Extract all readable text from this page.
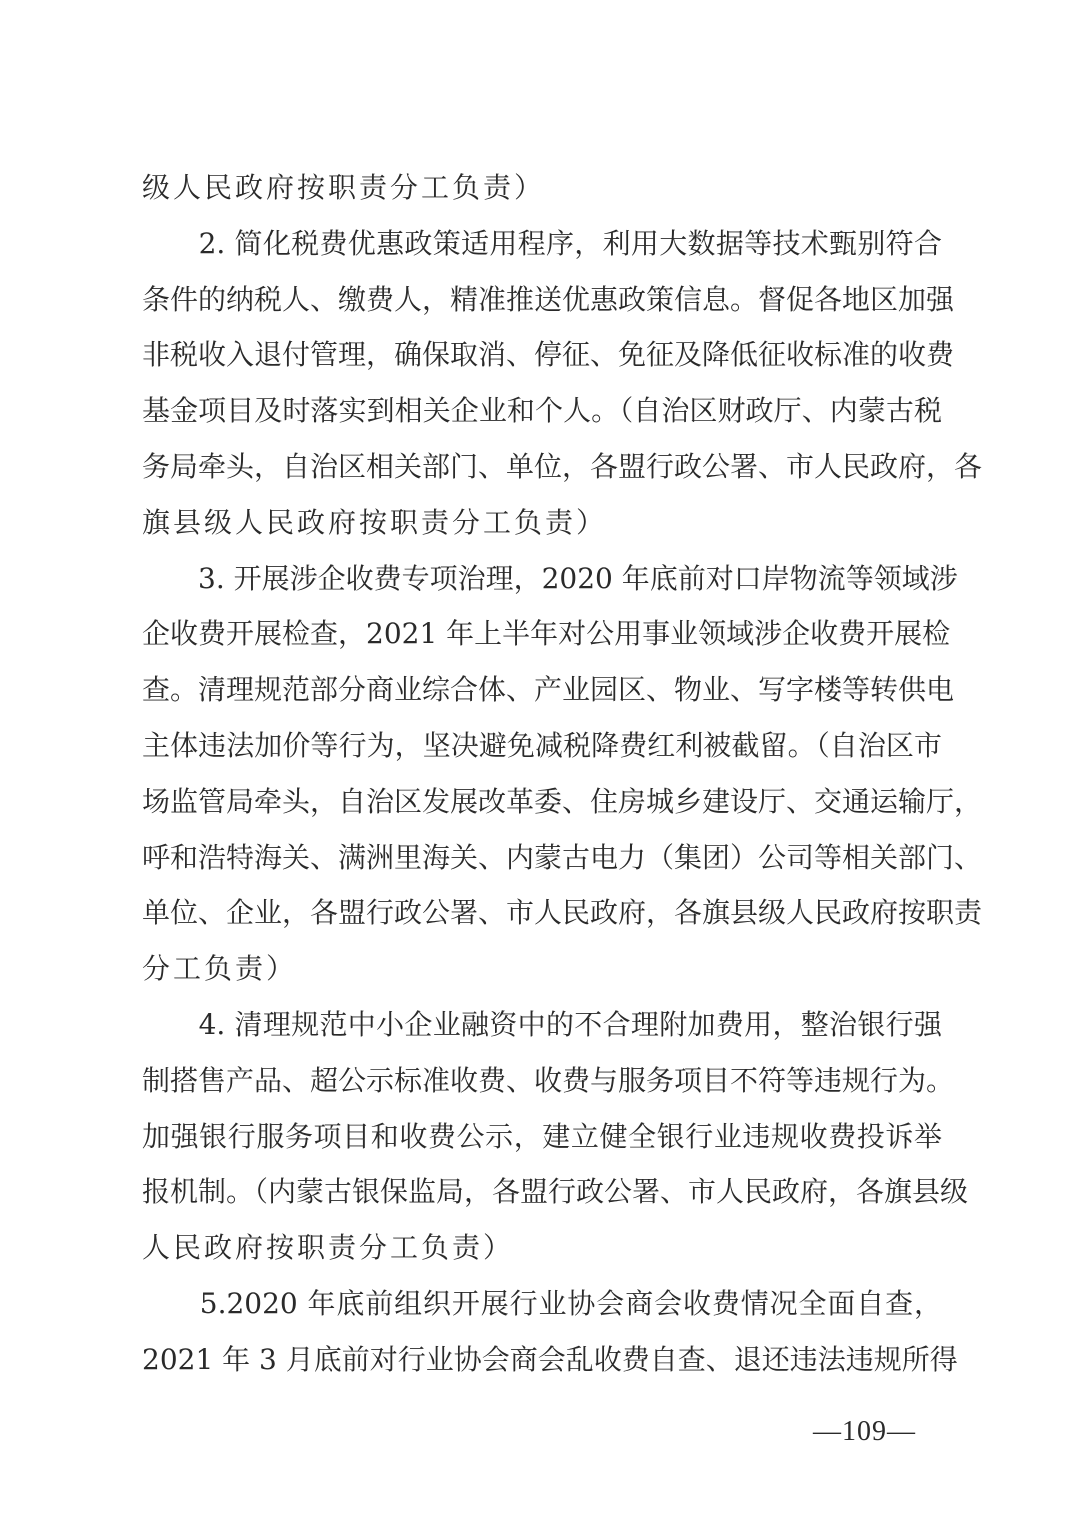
级人民政府按职责分工负责）
　　2. 简化税费优惠政策适用程序，利用大数据等技术甄别符合
条件的纳税人、缴费人，精准推送优惠政策信息。督促各地区加强
非税收入退付管理，确保取消、停征、免征及降低征收标准的收费
基金项目及时落实到相关企业和个人。（自治区财政厅、内蒙古税
务局牵头，自治区相关部门、单位，各盟行政公署、市人民政府，各
旗县级人民政府按职责分工负责）
　　3. 开展涉企收费专项治理，2020 年底前对口岸物流等领域涉
企收费开展检查，2021 年上半年对公用事业领域涉企收费开展检
查。清理规范部分商业综合体、产业园区、物业、写字楼等转供电
主体违法加价等行为，坚决避免减税降费红利被截留。（自治区市
场监管局牵头，自治区发展改革委、住房城乡建设厅、交通运输厅，
呼和浩特海关、满洲里海关、内蒙古电力（集团）公司等相关部门、
单位、企业，各盟行政公署、市人民政府，各旗县级人民政府按职责
分工负责）
　　4. 清理规范中小企业融资中的不合理附加费用，整治银行强
制搭售产品、超公示标准收费、收费与服务项目不符等违规行为。
加强银行服务项目和收费公示，建立健全银行业违规收费投诉举
报机制。（内蒙古银保监局，各盟行政公署、市人民政府，各旗县级
人民政府按职责分工负责）
　　5.2020 年底前组织开展行业协会商会收费情况全面自查，
2021 年 3 月底前对行业协会商会乱收费自查、退还违法违规所得
—109—
